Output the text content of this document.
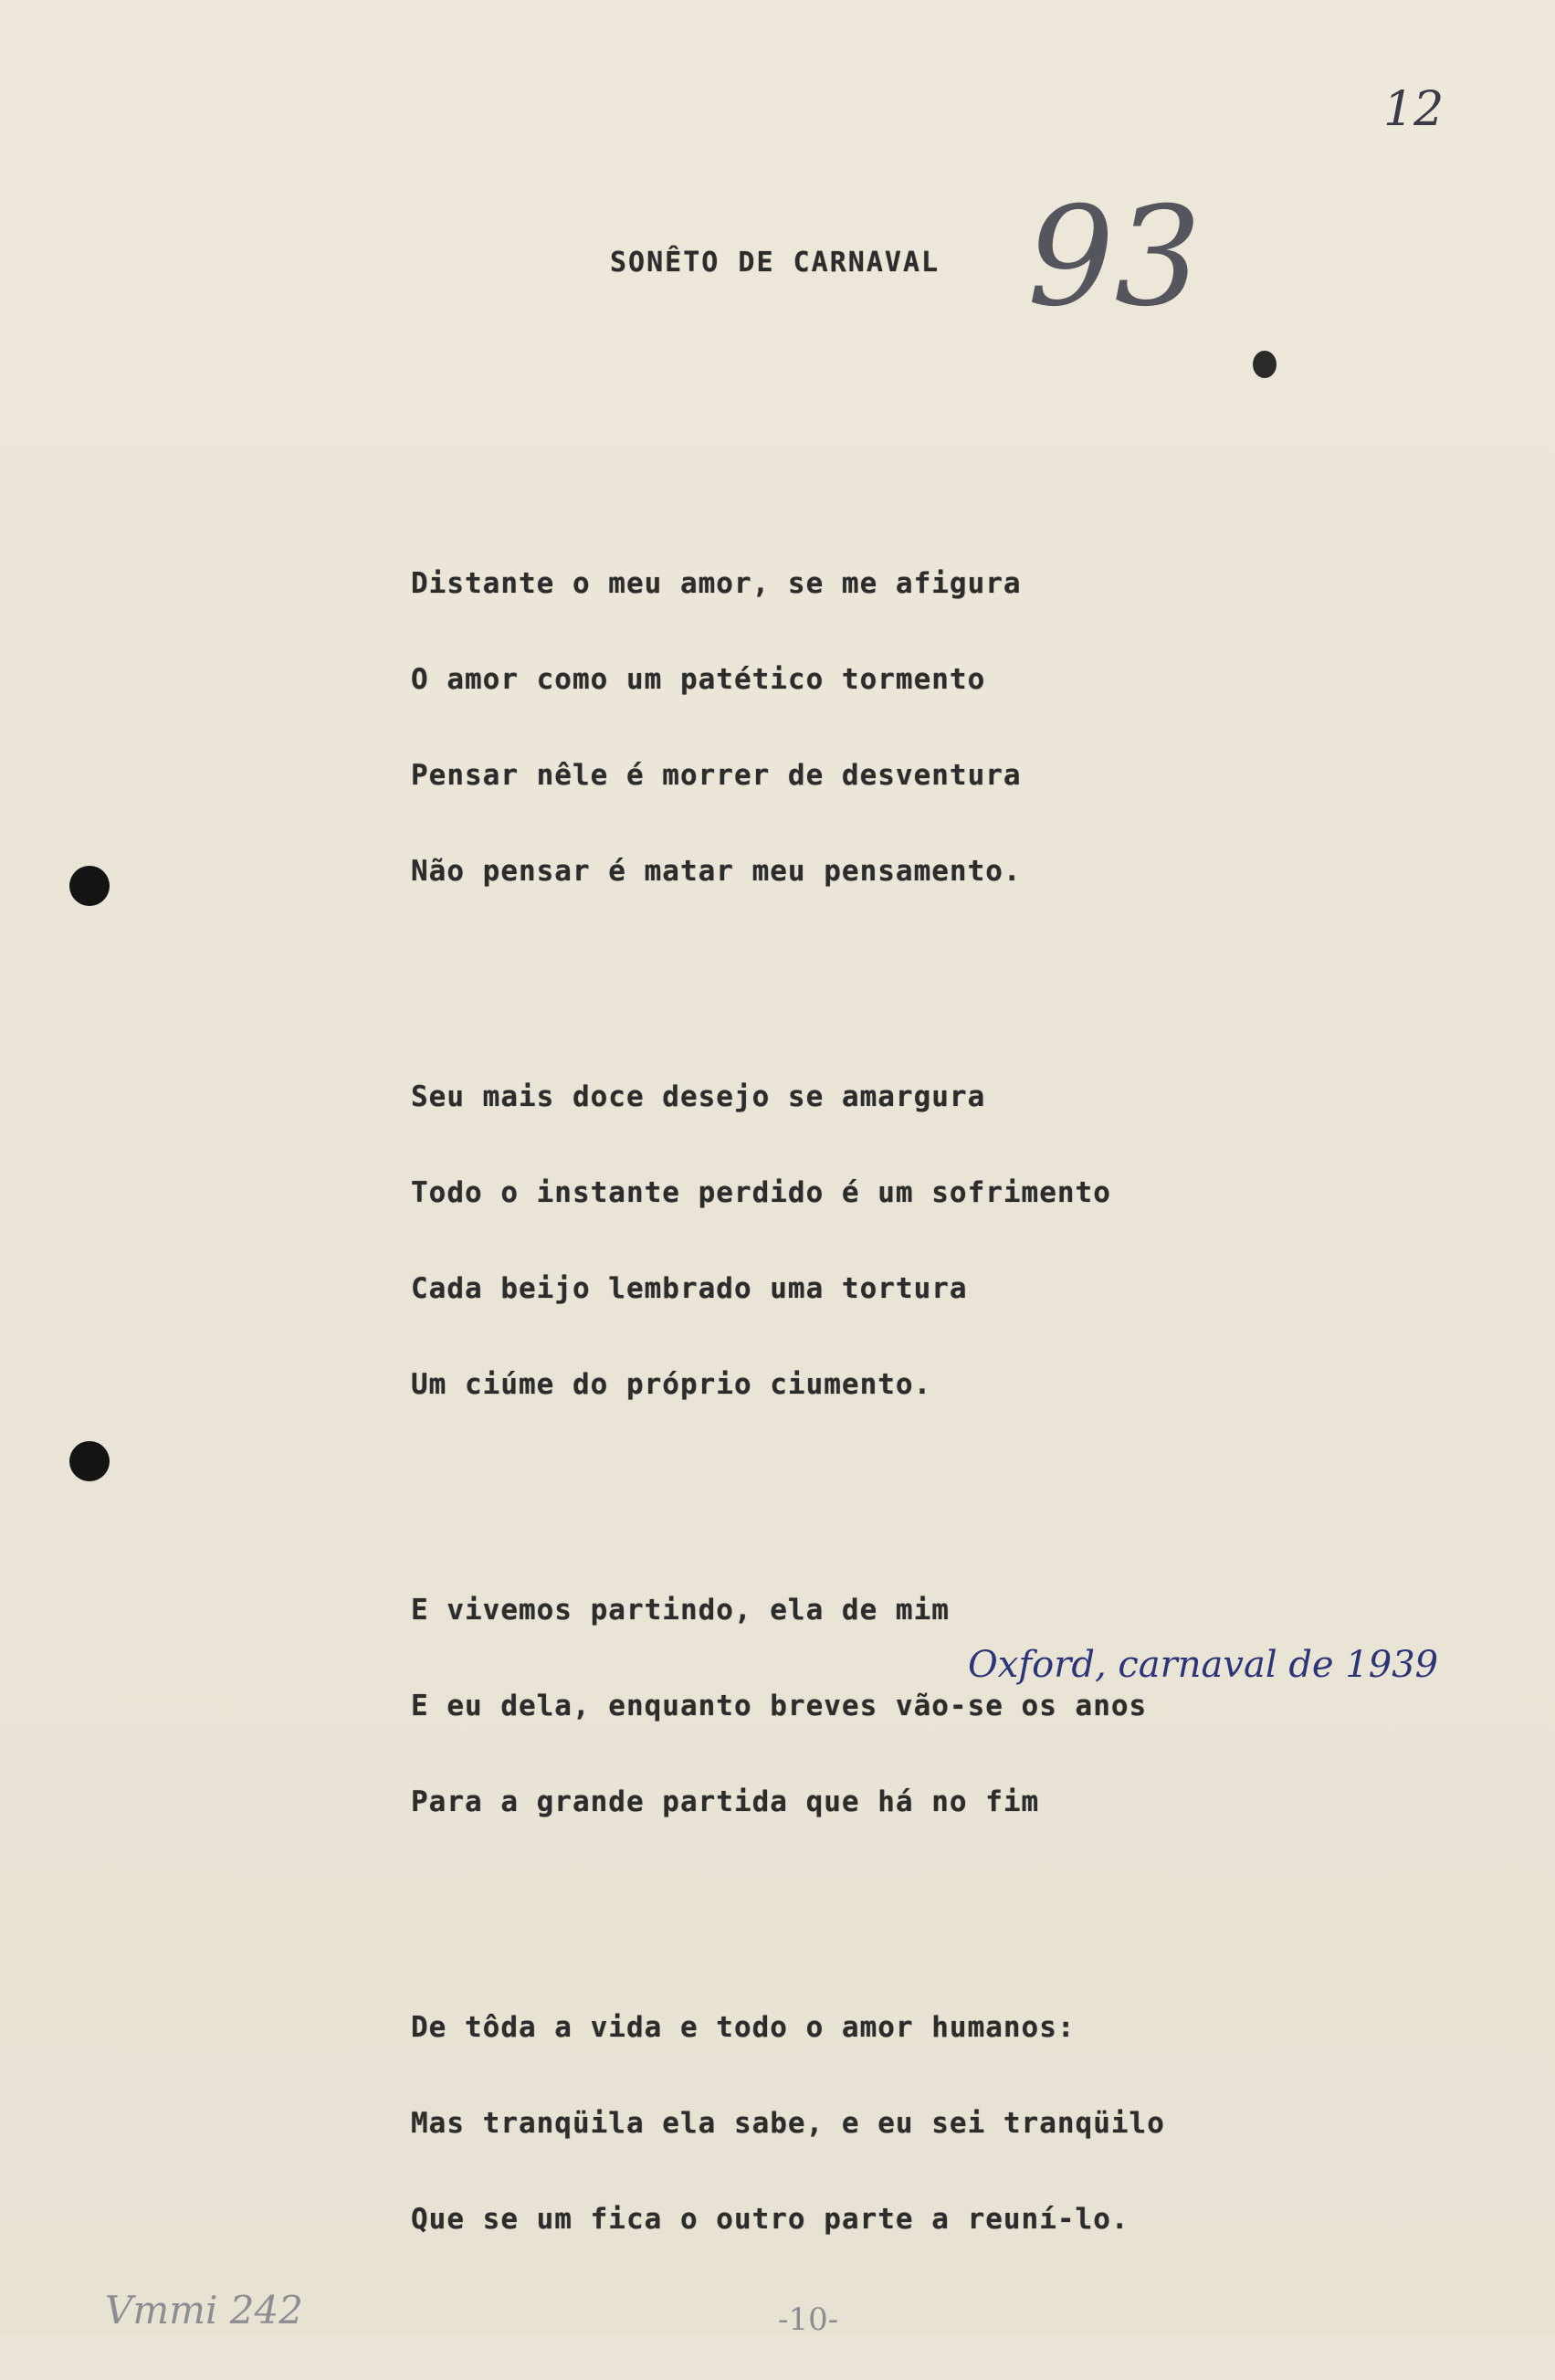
12
93
SONÊTO DE CARNAVAL

Distante o meu amor, se me afigura

O amor como um patético tormento

Pensar nêle é morrer de desventura

Não pensar é matar meu pensamento.

Seu mais doce desejo se amargura

Todo o instante perdido é um sofrimento

Cada beijo lembrado uma tortura

Um ciúme do próprio ciumento.

E vivemos partindo, ela de mim

E eu dela, enquanto breves vão-se os anos

Para a grande partida que há no fim

De tôda a vida e todo o amor humanos:

Mas tranqüila ela sabe, e eu sei tranqüilo

Que se um fica o outro parte a reuní-lo.

Oxford, carnaval de 1939
Vmmi 242	-10-
